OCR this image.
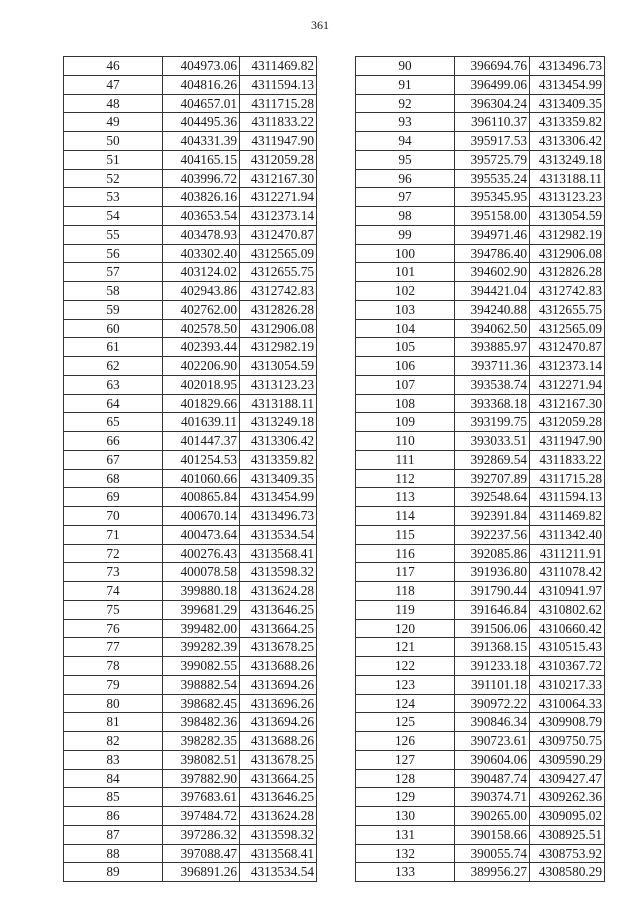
361
46	404973.06	4311469.82
47	404816.26	4311594.13
48	404657.01	4311715.28
49	404495.36	4311833.22
50	404331.39	4311947.90
51	404165.15	4312059.28
52	403996.72	4312167.30
53	403826.16	4312271.94
54	403653.54	4312373.14
55	403478.93	4312470.87
56	403302.40	4312565.09
57	403124.02	4312655.75
58	402943.86	4312742.83
59	402762.00	4312826.28
60	402578.50	4312906.08
61	402393.44	4312982.19
62	402206.90	4313054.59
63	402018.95	4313123.23
64	401829.66	4313188.11
65	401639.11	4313249.18
66	401447.37	4313306.42
67	401254.53	4313359.82
68	401060.66	4313409.35
69	400865.84	4313454.99
70	400670.14	4313496.73
71	400473.64	4313534.54
72	400276.43	4313568.41
73	400078.58	4313598.32
74	399880.18	4313624.28
75	399681.29	4313646.25
76	399482.00	4313664.25
77	399282.39	4313678.25
78	399082.55	4313688.26
79	398882.54	4313694.26
80	398682.45	4313696.26
81	398482.36	4313694.26
82	398282.35	4313688.26
83	398082.51	4313678.25
84	397882.90	4313664.25
85	397683.61	4313646.25
86	397484.72	4313624.28
87	397286.32	4313598.32
88	397088.47	4313568.41
89	396891.26	4313534.54
90	396694.76	4313496.73
91	396499.06	4313454.99
92	396304.24	4313409.35
93	396110.37	4313359.82
94	395917.53	4313306.42
95	395725.79	4313249.18
96	395535.24	4313188.11
97	395345.95	4313123.23
98	395158.00	4313054.59
99	394971.46	4312982.19
100	394786.40	4312906.08
101	394602.90	4312826.28
102	394421.04	4312742.83
103	394240.88	4312655.75
104	394062.50	4312565.09
105	393885.97	4312470.87
106	393711.36	4312373.14
107	393538.74	4312271.94
108	393368.18	4312167.30
109	393199.75	4312059.28
110	393033.51	4311947.90
111	392869.54	4311833.22
112	392707.89	4311715.28
113	392548.64	4311594.13
114	392391.84	4311469.82
115	392237.56	4311342.40
116	392085.86	4311211.91
117	391936.80	4311078.42
118	391790.44	4310941.97
119	391646.84	4310802.62
120	391506.06	4310660.42
121	391368.15	4310515.43
122	391233.18	4310367.72
123	391101.18	4310217.33
124	390972.22	4310064.33
125	390846.34	4309908.79
126	390723.61	4309750.75
127	390604.06	4309590.29
128	390487.74	4309427.47
129	390374.71	4309262.36
130	390265.00	4309095.02
131	390158.66	4308925.51
132	390055.74	4308753.92
133	389956.27	4308580.29
